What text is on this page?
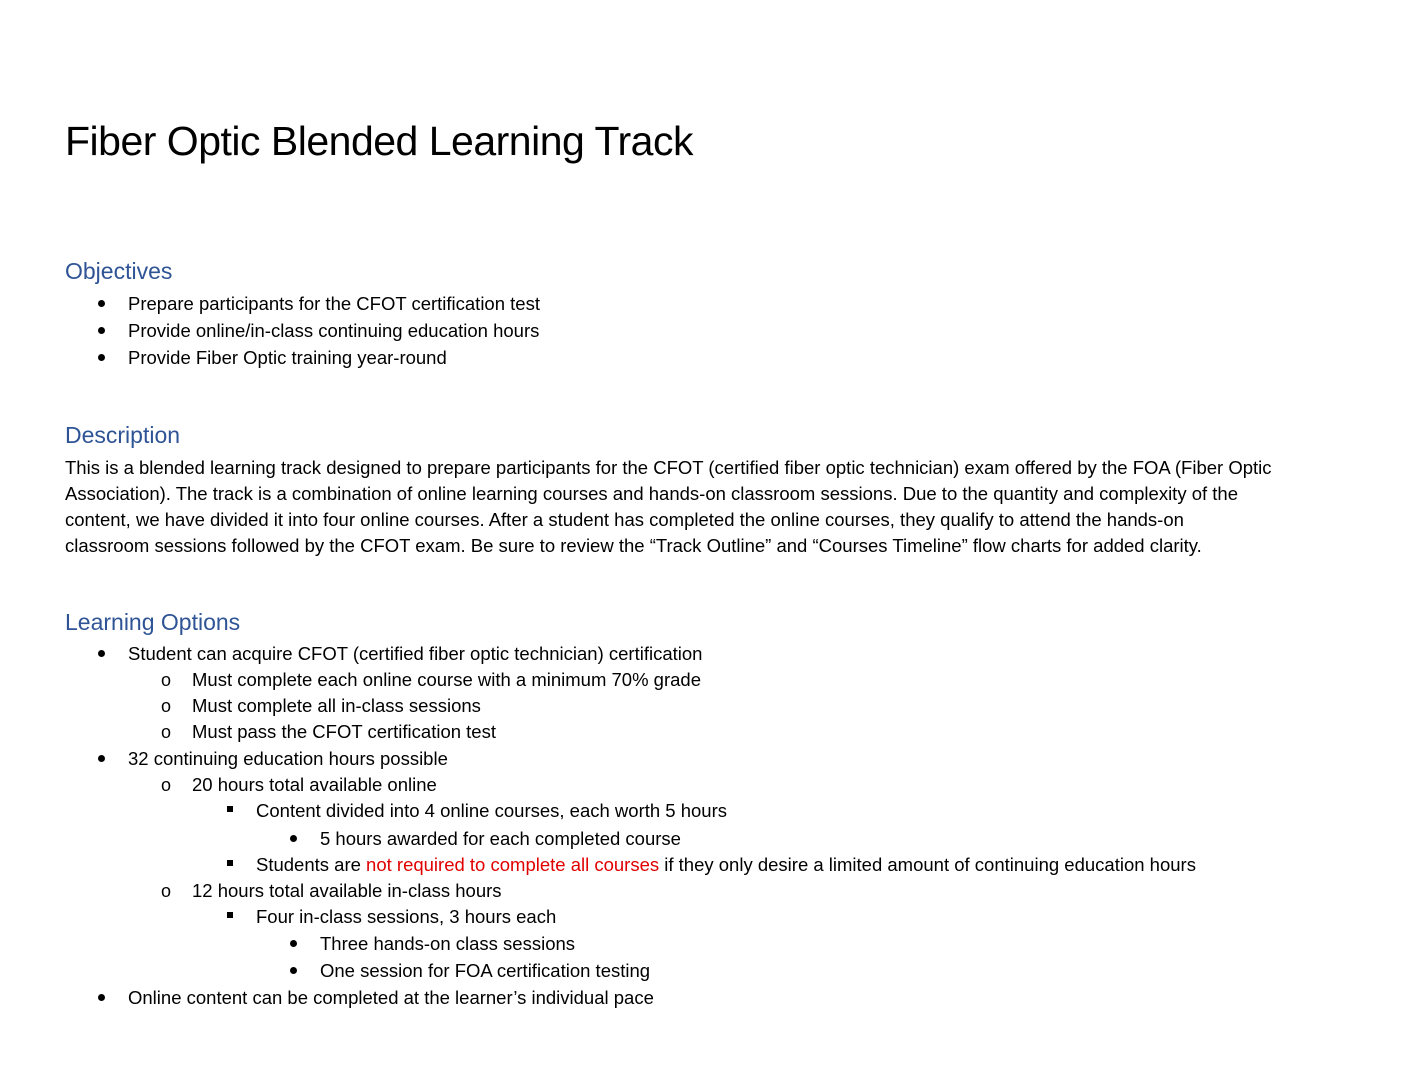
Fiber Optic Blended Learning Track
Objectives
Prepare participants for the CFOT certification test
Provide online/in-class continuing education hours
Provide Fiber Optic training year-round
Description

This is a blended learning track designed to prepare participants for the CFOT (certified fiber optic technician) exam offered by the FOA (Fiber Optic

Association). The track is a combination of online learning courses and hands-on classroom sessions. Due to the quantity and complexity of the

content, we have divided it into four online courses. After a student has completed the online courses, they qualify to attend the hands-on

classroom sessions followed by the CFOT exam. Be sure to review the “Track Outline” and “Courses Timeline” flow charts for added clarity.

Learning Options
Student can acquire CFOT (certified fiber optic technician) certification
o Must complete each online course with a minimum 70% grade
o Must complete all in-class sessions
o Must pass the CFOT certification test
32 continuing education hours possible
o 20 hours total available online
Content divided into 4 online courses, each worth 5 hours
5 hours awarded for each completed course
Students are not required to complete all courses if they only desire a limited amount of continuing education hours
o 12 hours total available in-class hours
Four in-class sessions, 3 hours each
Three hands-on class sessions
One session for FOA certification testing
Online content can be completed at the learner’s individual pace
